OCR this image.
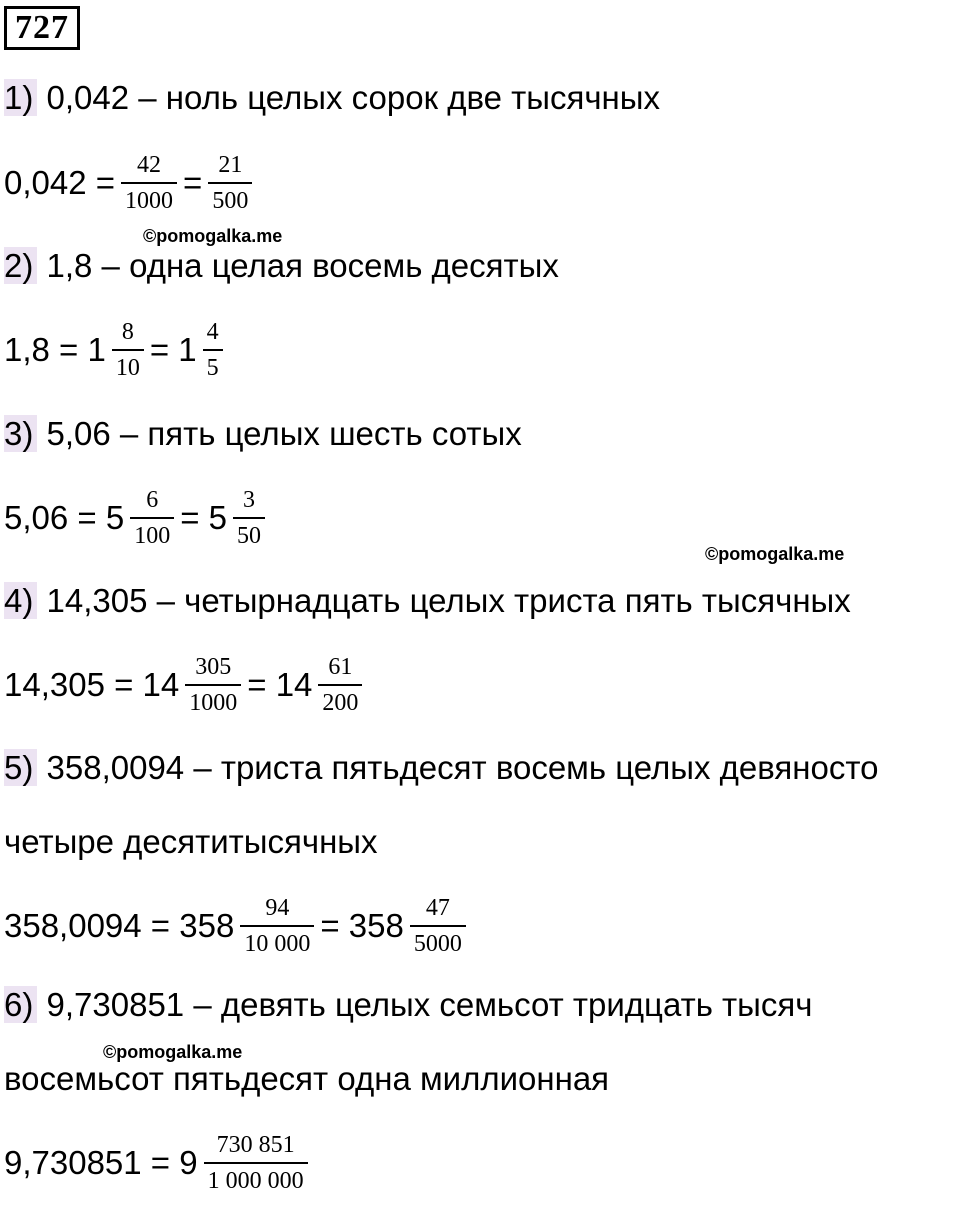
727
1) 0,042 – ноль целых сорок две тысячных
$0,042 = \frac{42}{1000} = \frac{21}{500}$
©pomogalka.me
2) 1,8 – одна целая восемь десятых
$1,8 = 1 \frac{8}{10} = 1 \frac{4}{5}$
3) 5,06 – пять целых шесть сотых
$5,06 = 5 \frac{6}{100} = 5 \frac{3}{50}$
©pomogalka.me
4) 14,305 – четырнадцать целых триста пять тысячных
$14,305 = 14 \frac{305}{1000} = 14 \frac{61}{200}$
5) 358,0094 – триста пятьдесят восемь целых девяносто
четыре десятитысячных
$358,0094 = 358 \frac{94}{10 000} = 358 \frac{47}{5000}$
6) 9,730851 – девять целых семьсот тридцать тысяч
©pomogalka.me
восемьсот пятьдесят одна миллионная
$9,730851 = 9 \frac{730 851}{1 000 000}$
